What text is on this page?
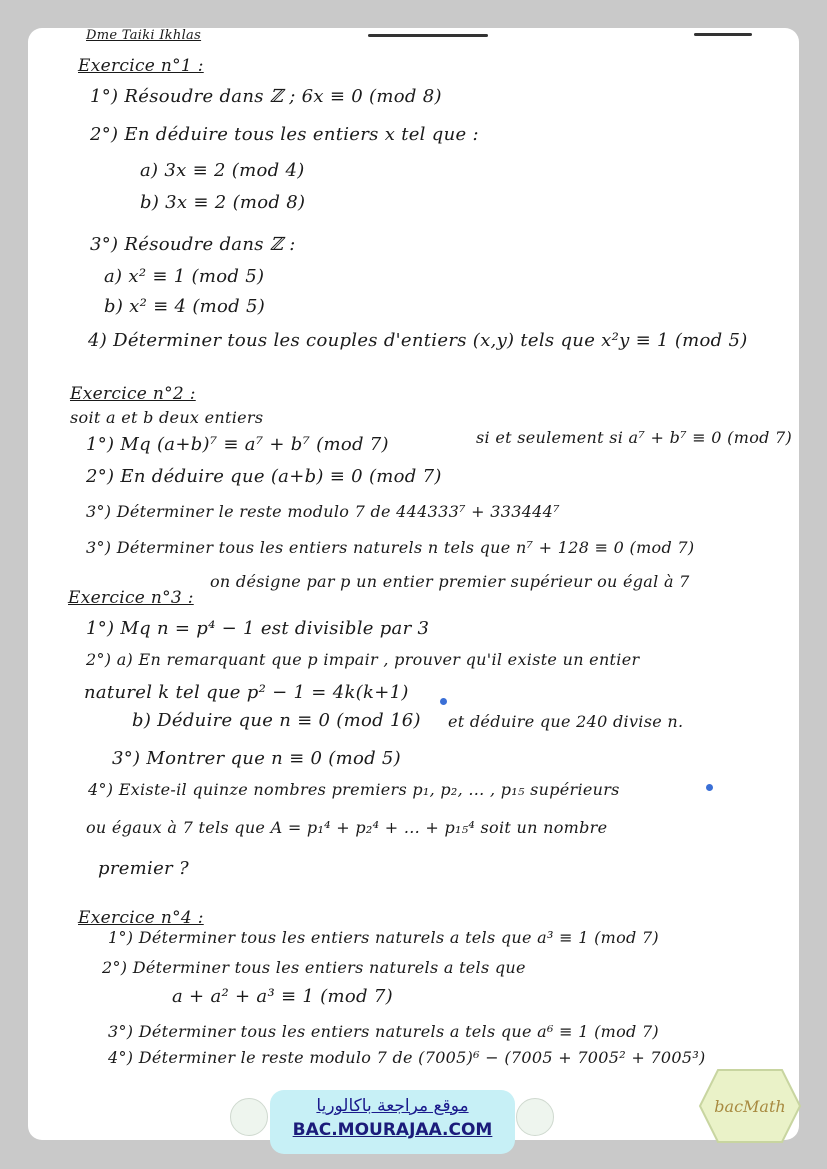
Dme Taiki Ikhlas
Exercice n°1 :
1°) Résoudre dans ℤ ; 6x ≡ 0 (mod 8)
2°) En déduire tous les entiers x tel que :
a) 3x ≡ 2 (mod 4)
b) 3x ≡ 2 (mod 8)
3°) Résoudre dans ℤ :
a) x² ≡ 1 (mod 5)
b) x² ≡ 4 (mod 5)
4) Déterminer tous les couples d'entiers (x,y) tels que x²y ≡ 1 (mod 5)
Exercice n°2 :
soit a et b deux entiers
1°) Mq (a+b)⁷ ≡ a⁷ + b⁷ (mod 7)
2°) En déduire que (a+b) ≡ 0 (mod 7)
si et seulement si a⁷ + b⁷ ≡ 0 (mod 7)
3°) Déterminer le reste modulo 7 de 444333⁷ + 333444⁷
3°) Déterminer tous les entiers naturels n tels que n⁷ + 128 ≡ 0 (mod 7)
Exercice n°3 :
on désigne par p un entier premier supérieur ou égal à 7
1°) Mq n = p⁴ − 1 est divisible par 3
2°) a) En remarquant que p impair , prouver qu'il existe un entier
naturel k tel que p² − 1 = 4k(k+1)
b) Déduire que n ≡ 0 (mod 16) et déduire que 240 divise n.
3°) Montrer que n ≡ 0 (mod 5)
4°) Existe-il quinze nombres premiers p₁, p₂, ... , p₁₅ supérieurs
ou égaux à 7 tels que A = p₁⁴ + p₂⁴ + ... + p₁₅⁴ soit un nombre
premier ?
Exercice n°4 :
1°) Déterminer tous les entiers naturels a tels que a³ ≡ 1 (mod 7)
2°) Déterminer tous les entiers naturels a tels que
a + a² + a³ ≡ 1 (mod 7)
3°) Déterminer tous les entiers naturels a tels que a⁶ ≡ 1 (mod 7)
4°) Déterminer le reste modulo 7 de (7005)⁶ − (7005 + 7005² + 7005³)
موقع مراجعة باكالوريا
BAC.MOURAJAA.COM
bacMath
